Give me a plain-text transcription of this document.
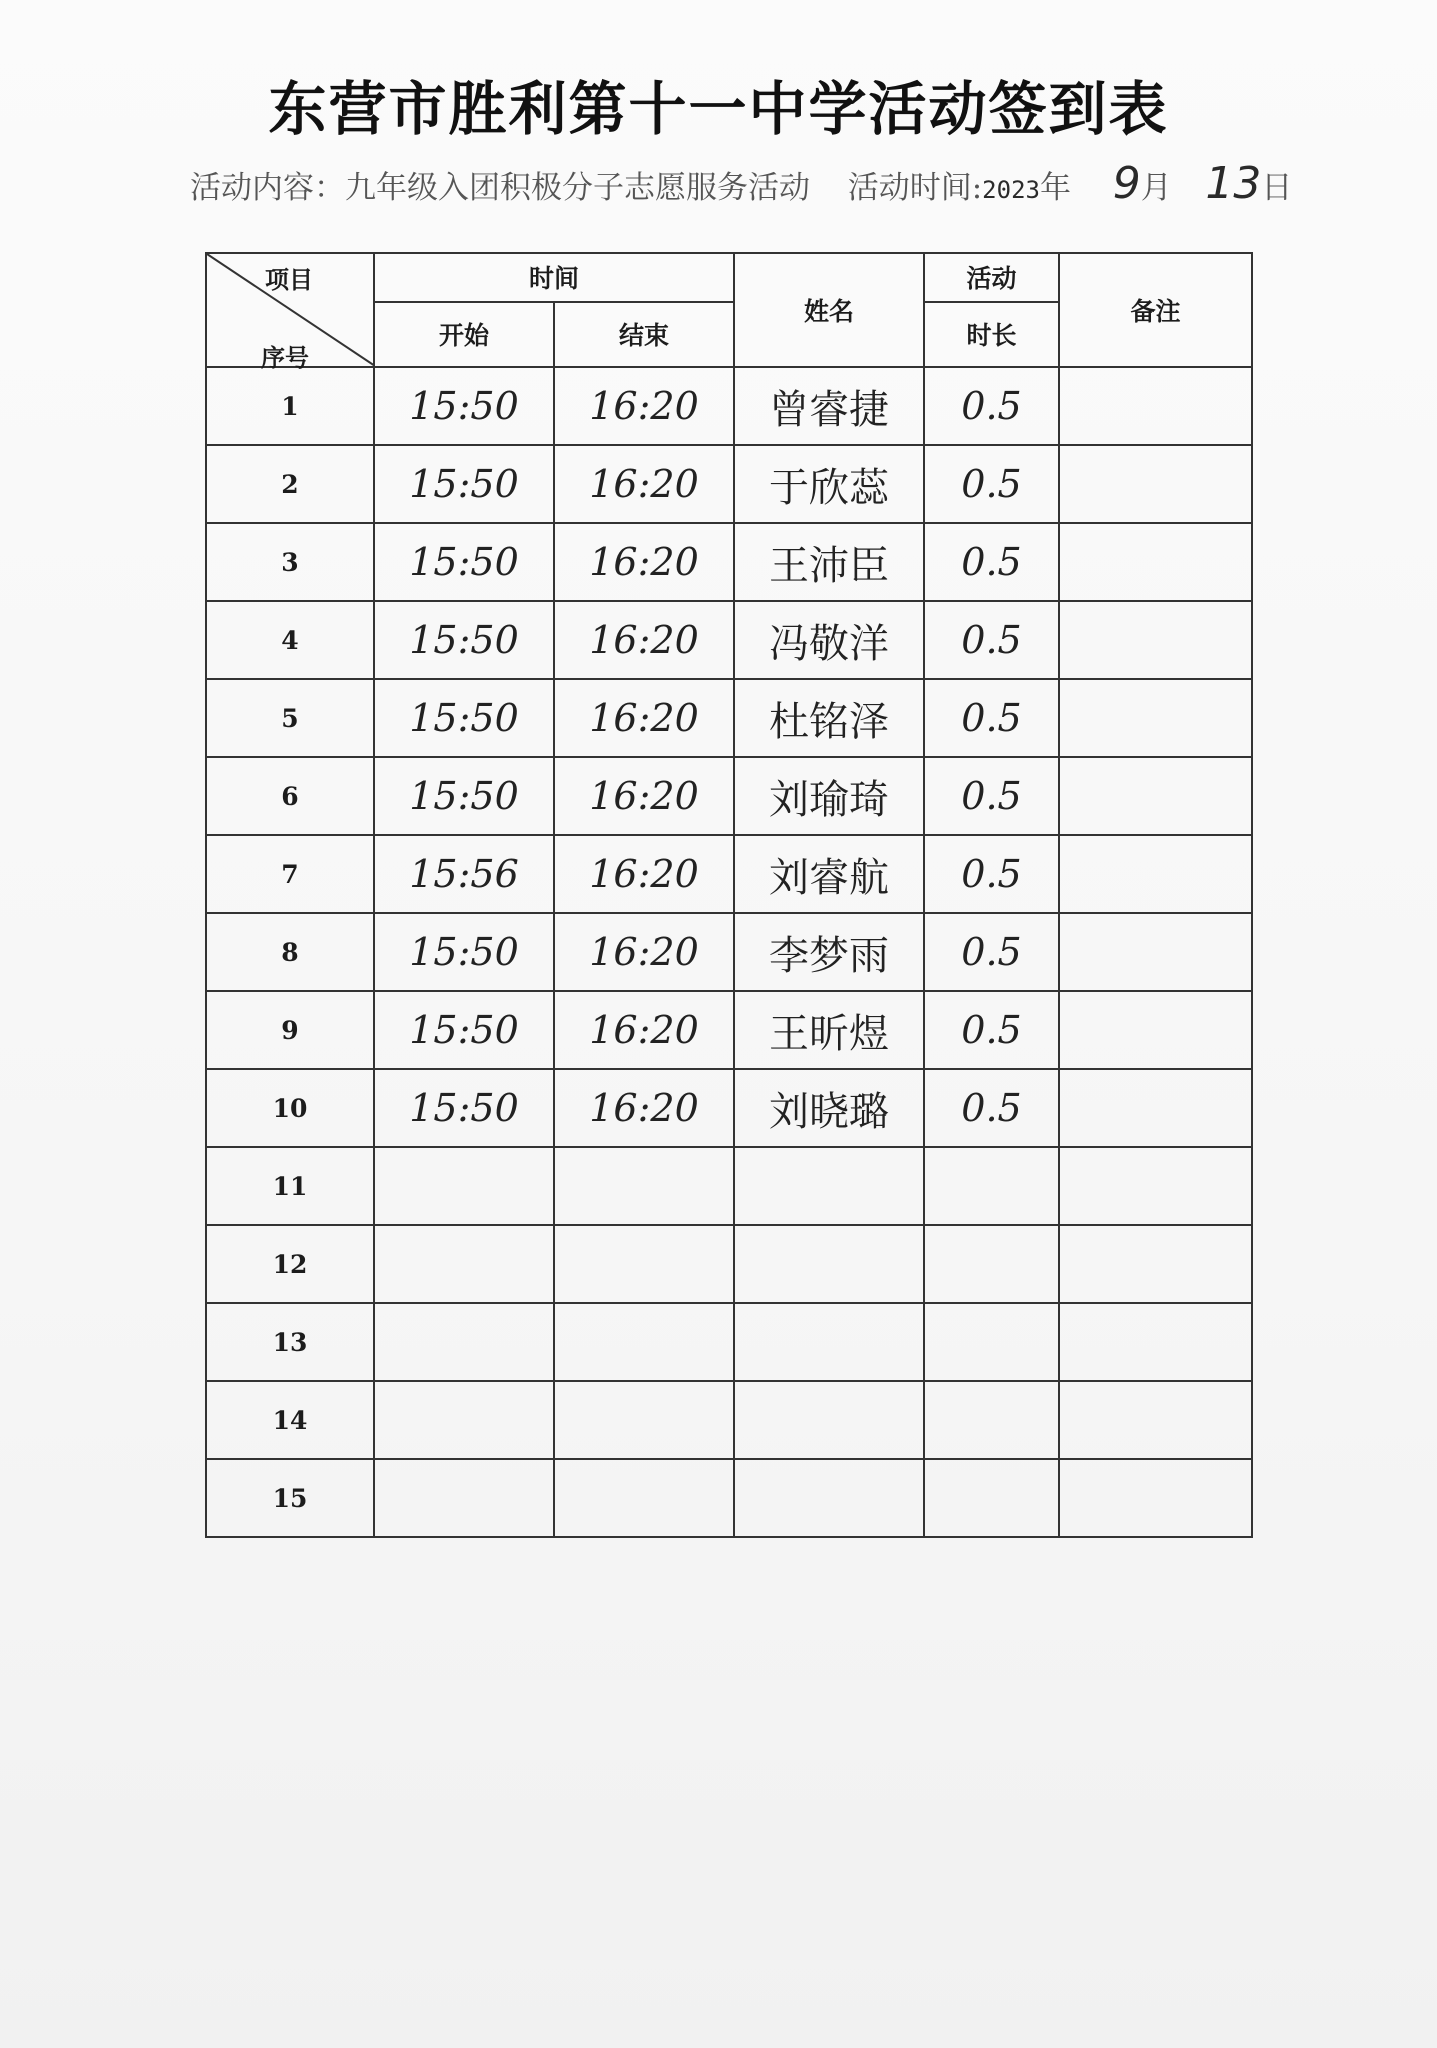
东营市胜利第十一中学活动签到表
活动内容：九年级入团积极分子志愿服务活动 活动时间:2023年 9月 13日
项目
序号	时间		姓名	活动	备注
	开始	结束		时长	
1	15:50	16:20	曾睿捷	0.5	
2	15:50	16:20	于欣蕊	0.5	
3	15:50	16:20	王沛臣	0.5	
4	15:50	16:20	冯敬洋	0.5	
5	15:50	16:20	杜铭泽	0.5	
6	15:50	16:20	刘瑜琦	0.5	
7	15:56	16:20	刘睿航	0.5	
8	15:50	16:20	李梦雨	0.5	
9	15:50	16:20	王昕煜	0.5	
10	15:50	16:20	刘晓璐	0.5	
11					
12					
13					
14					
15					
